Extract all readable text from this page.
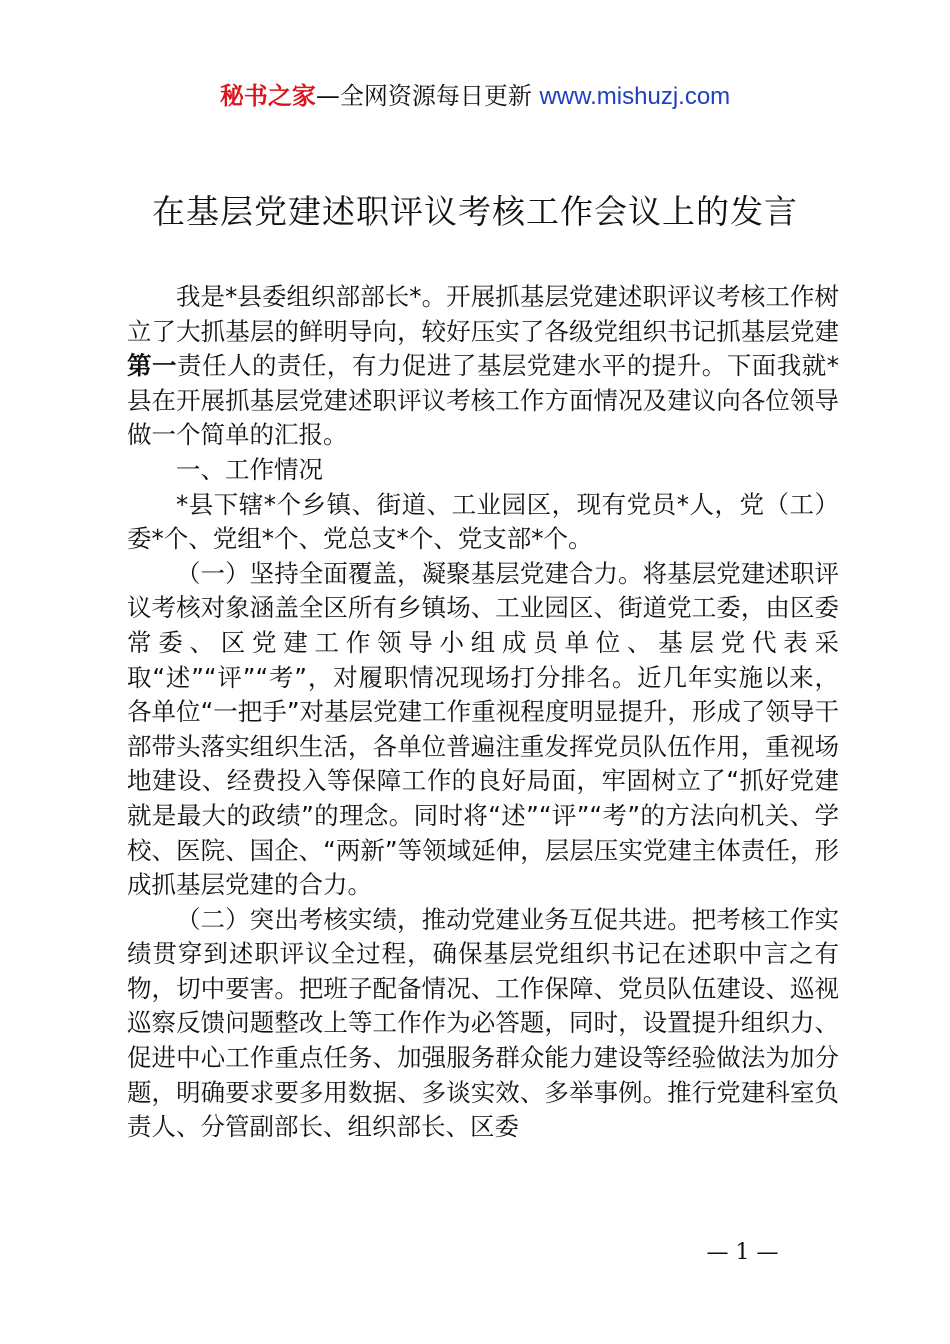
秘书之家—全网资源每日更新 www.mishuzj.com
在基层党建述职评议考核工作会议上的发言

我是*县委组织部部长*。开展抓基层党建述职评议考核工作树立了大抓基层的鲜明导向，较好压实了各级党组织书记抓基层党建第一责任人的责任，有力促进了基层党建水平的提升。下面我就*县在开展抓基层党建述职评议考核工作方面情况及建议向各位领导做一个简单的汇报。

一、工作情况

*县下辖*个乡镇、街道、工业园区，现有党员*人，党（工）委*个、党组*个、党总支*个、党支部*个。

（一）坚持全面覆盖，凝聚基层党建合力。将基层党建述职评议考核对象涵盖全区所有乡镇场、工业园区、街道党工委，由区委常委、区党建工作领导小组成员单位、基层党代表采取“述”“评”“考”，对履职情况现场打分排名。近几年实施以来，各单位“一把手”对基层党建工作重视程度明显提升，形成了领导干部带头落实组织生活，各单位普遍注重发挥党员队伍作用，重视场地建设、经费投入等保障工作的良好局面，牢固树立了“抓好党建就是最大的政绩”的理念。同时将“述”“评”“考”的方法向机关、学校、医院、国企、“两新”等领域延伸，层层压实党建主体责任，形成抓基层党建的合力。

（二）突出考核实绩，推动党建业务互促共进。把考核工作实绩贯穿到述职评议全过程，确保基层党组织书记在述职中言之有物，切中要害。把班子配备情况、工作保障、党员队伍建设、巡视巡察反馈问题整改上等工作作为必答题，同时，设置提升组织力、促进中心工作重点任务、加强服务群众能力建设等经验做法为加分题，明确要求要多用数据、多谈实效、多举事例。推行党建科室负责人、分管副部长、组织部长、区委

— 1 —
